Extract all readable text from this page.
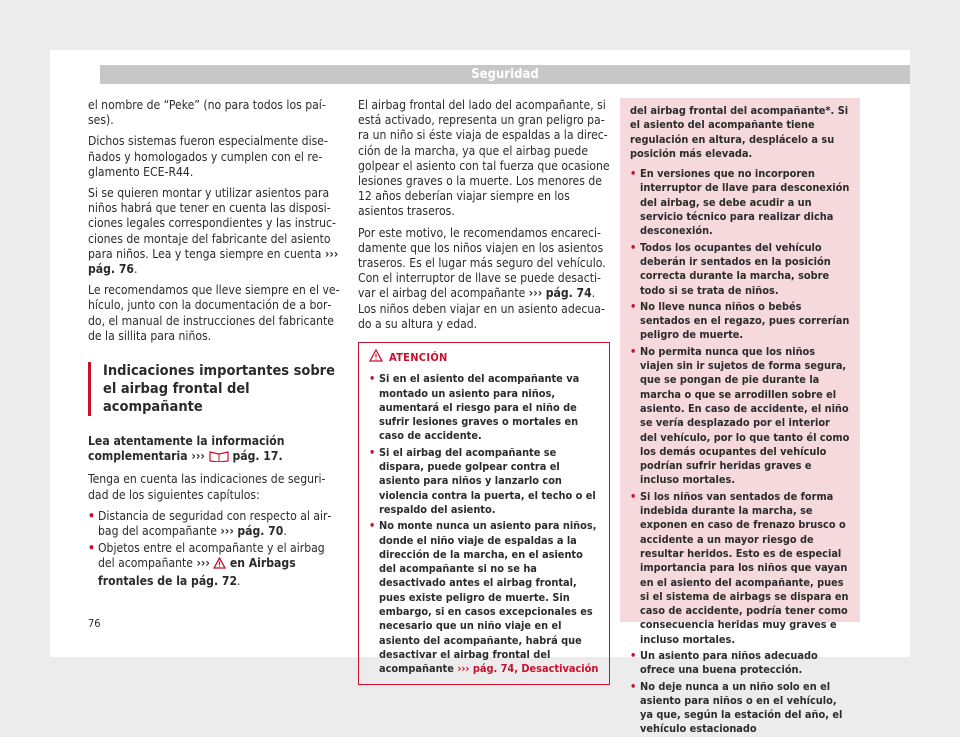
Seguridad

el nombre de “Peke” (no para todos los países).

Dichos sistemas fueron especialmente diseñados y homologados y cumplen con el reglamento ECE-R44.

Si se quieren montar y utilizar asientos para niños habrá que tener en cuenta las disposiciones legales correspondientes y las instrucciones de montaje del fabricante del asiento para niños. Lea y tenga siempre en cuenta ››› pág. 76.

Le recomendamos que lleve siempre en el vehículo, junto con la documentación de a bordo, el manual de instrucciones del fabricante de la sillita para niños.

Indicaciones importantes sobre el airbag frontal del acompañante

Lea atentamente la información complementaria ››› pág. 17.

Tenga en cuenta las indicaciones de seguridad de los siguientes capítulos:

• Distancia de seguridad con respecto al airbag del acompañante ››› pág. 70.
• Objetos entre el acompañante y el airbag del acompañante ››› en Airbags frontales de la pág. 72.

El airbag frontal del lado del acompañante, si está activado, representa un gran peligro para un niño si éste viaja de espaldas a la dirección de la marcha, ya que el airbag puede golpear el asiento con tal fuerza que ocasione lesiones graves o la muerte. Los menores de 12 años deberían viajar siempre en los asientos traseros.

Por este motivo, le recomendamos encarecidamente que los niños viajen en los asientos traseros. Es el lugar más seguro del vehículo. Con el interruptor de llave se puede desactivar el airbag del acompañante ››› pág. 74. Los niños deben viajar en un asiento adecuado a su altura y edad.

ATENCIÓN
• Si en el asiento del acompañante va montado un asiento para niños, aumentará el riesgo para el niño de sufrir lesiones graves o mortales en caso de accidente.
• Si el airbag del acompañante se dispara, puede golpear contra el asiento para niños y lanzarlo con violencia contra la puerta, el techo o el respaldo del asiento.
• No monte nunca un asiento para niños, donde el niño viaje de espaldas a la dirección de la marcha, en el asiento del acompañante si no se ha desactivado antes el airbag frontal, pues existe peligro de muerte. Sin embargo, si en casos excepcionales es necesario que un niño viaje en el asiento del acompañante, habrá que desactivar el airbag frontal del acompañante ››› pág. 74, Desactivación

del airbag frontal del acompañante*. Si el asiento del acompañante tiene regulación en altura, desplácelo a su posición más elevada.

• En versiones que no incorporen interruptor de llave para desconexión del airbag, se debe acudir a un servicio técnico para realizar dicha desconexión.
• Todos los ocupantes del vehículo deberán ir sentados en la posición correcta durante la marcha, sobre todo si se trata de niños.
• No lleve nunca niños o bebés sentados en el regazo, pues correrían peligro de muerte.
• No permita nunca que los niños viajen sin ir sujetos de forma segura, que se pongan de pie durante la marcha o que se arrodillen sobre el asiento. En caso de accidente, el niño se vería desplazado por el interior del vehículo, por lo que tanto él como los demás ocupantes del vehículo podrían sufrir heridas graves e incluso mortales.
• Si los niños van sentados de forma indebida durante la marcha, se exponen en caso de frenazo brusco o accidente a un mayor riesgo de resultar heridos. Esto es de especial importancia para los niños que vayan en el asiento del acompañante, pues si el sistema de airbags se dispara en caso de accidente, podría tener como consecuencia heridas muy graves e incluso mortales.
• Un asiento para niños adecuado ofrece una buena protección.
• No deje nunca a un niño solo en el asiento para niños o en el vehículo, ya que, según la estación del año, el vehículo estacionado
76
